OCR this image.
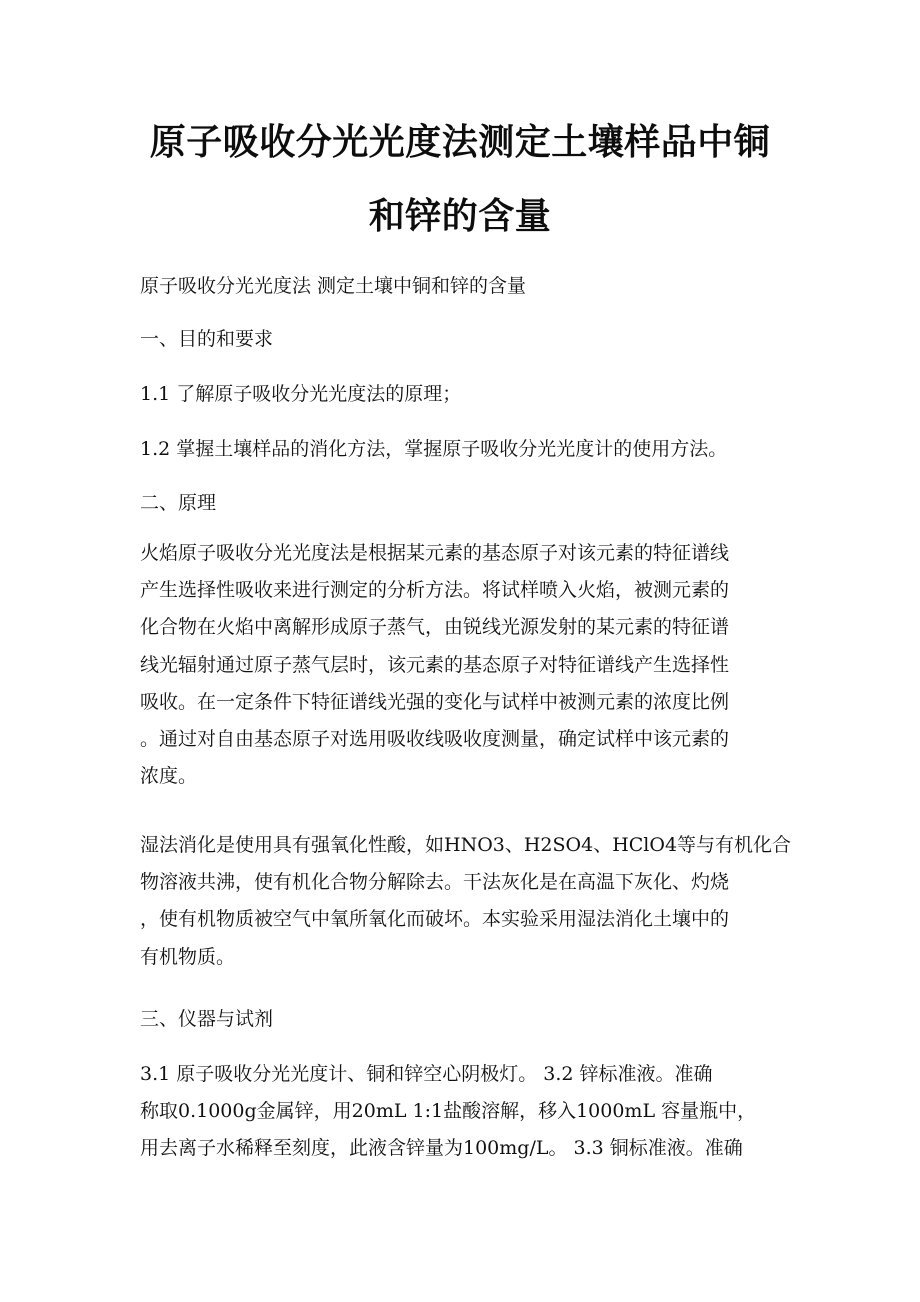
原子吸收分光光度法测定土壤样品中铜
和锌的含量

原子吸收分光光度法 测定土壤中铜和锌的含量

一、目的和要求

1.1 了解原子吸收分光光度法的原理；

1.2 掌握土壤样品的消化方法，掌握原子吸收分光光度计的使用方法。

二、原理

火焰原子吸收分光光度法是根据某元素的基态原子对该元素的特征谱线
产生选择性吸收来进行测定的分析方法。将试样喷入火焰，被测元素的
化合物在火焰中离解形成原子蒸气，由锐线光源发射的某元素的特征谱
线光辐射通过原子蒸气层时，该元素的基态原子对特征谱线产生选择性
吸收。在一定条件下特征谱线光强的变化与试样中被测元素的浓度比例
。通过对自由基态原子对选用吸收线吸收度测量，确定试样中该元素的
浓度。
湿法消化是使用具有强氧化性酸，如HNO3、H2SO4、HClO4等与有机化合
物溶液共沸，使有机化合物分解除去。干法灰化是在高温下灰化、灼烧
，使有机物质被空气中氧所氧化而破坏。本实验采用湿法消化土壤中的
有机物质。

三、仪器与试剂

3.1 原子吸收分光光度计、铜和锌空心阴极灯。 3.2 锌标准液。准确
称取0.1000g金属锌，用20mL 1:1盐酸溶解，移入1000mL 容量瓶中，
用去离子水稀释至刻度，此液含锌量为100mg/L。 3.3 铜标准液。准确
